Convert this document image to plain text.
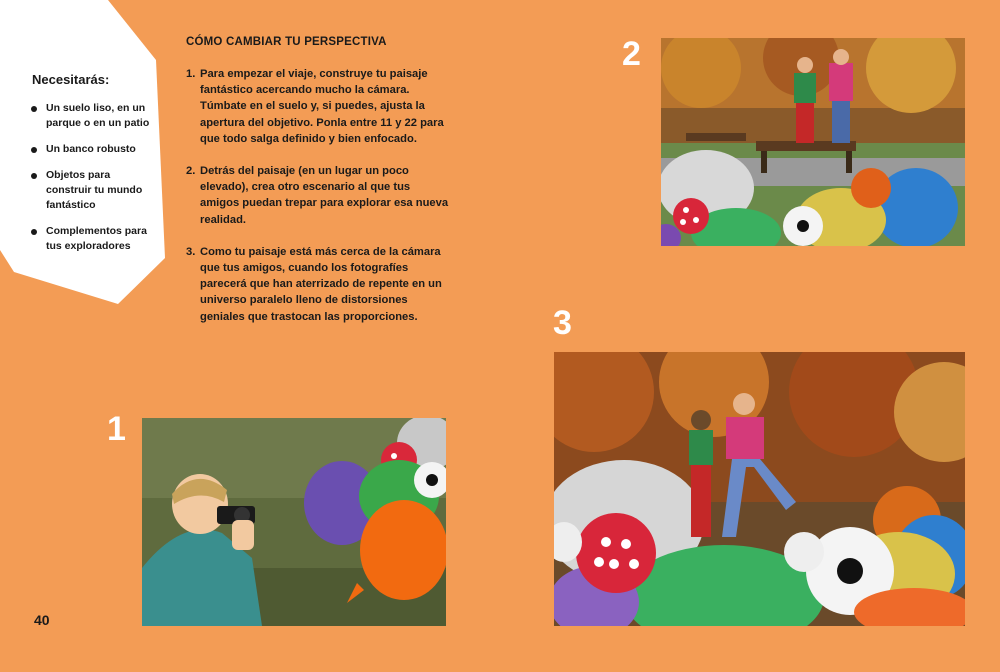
Necesitarás:
Un suelo liso, en un parque o en un patio
Un banco robusto
Objetos para construir tu mundo fantástico
Complementos para tus exploradores
CÓMO CAMBIAR TU PERSPECTIVA
1. Para empezar el viaje, construye tu paisaje fantástico acercando mucho la cámara. Túmbate en el suelo y, si puedes, ajusta la apertura del objetivo. Ponla entre 11 y 22 para que todo salga definido y bien enfocado.
2. Detrás del paisaje (en un lugar un poco elevado), crea otro escenario al que tus amigos puedan trepar para explorar esa nueva realidad.
3. Como tu paisaje está más cerca de la cámara que tus amigos, cuando los fotografíes parecerá que han aterrizado de repente en un universo paralelo lleno de distorsiones geniales que trastocan las proporciones.
1
2
3
40
